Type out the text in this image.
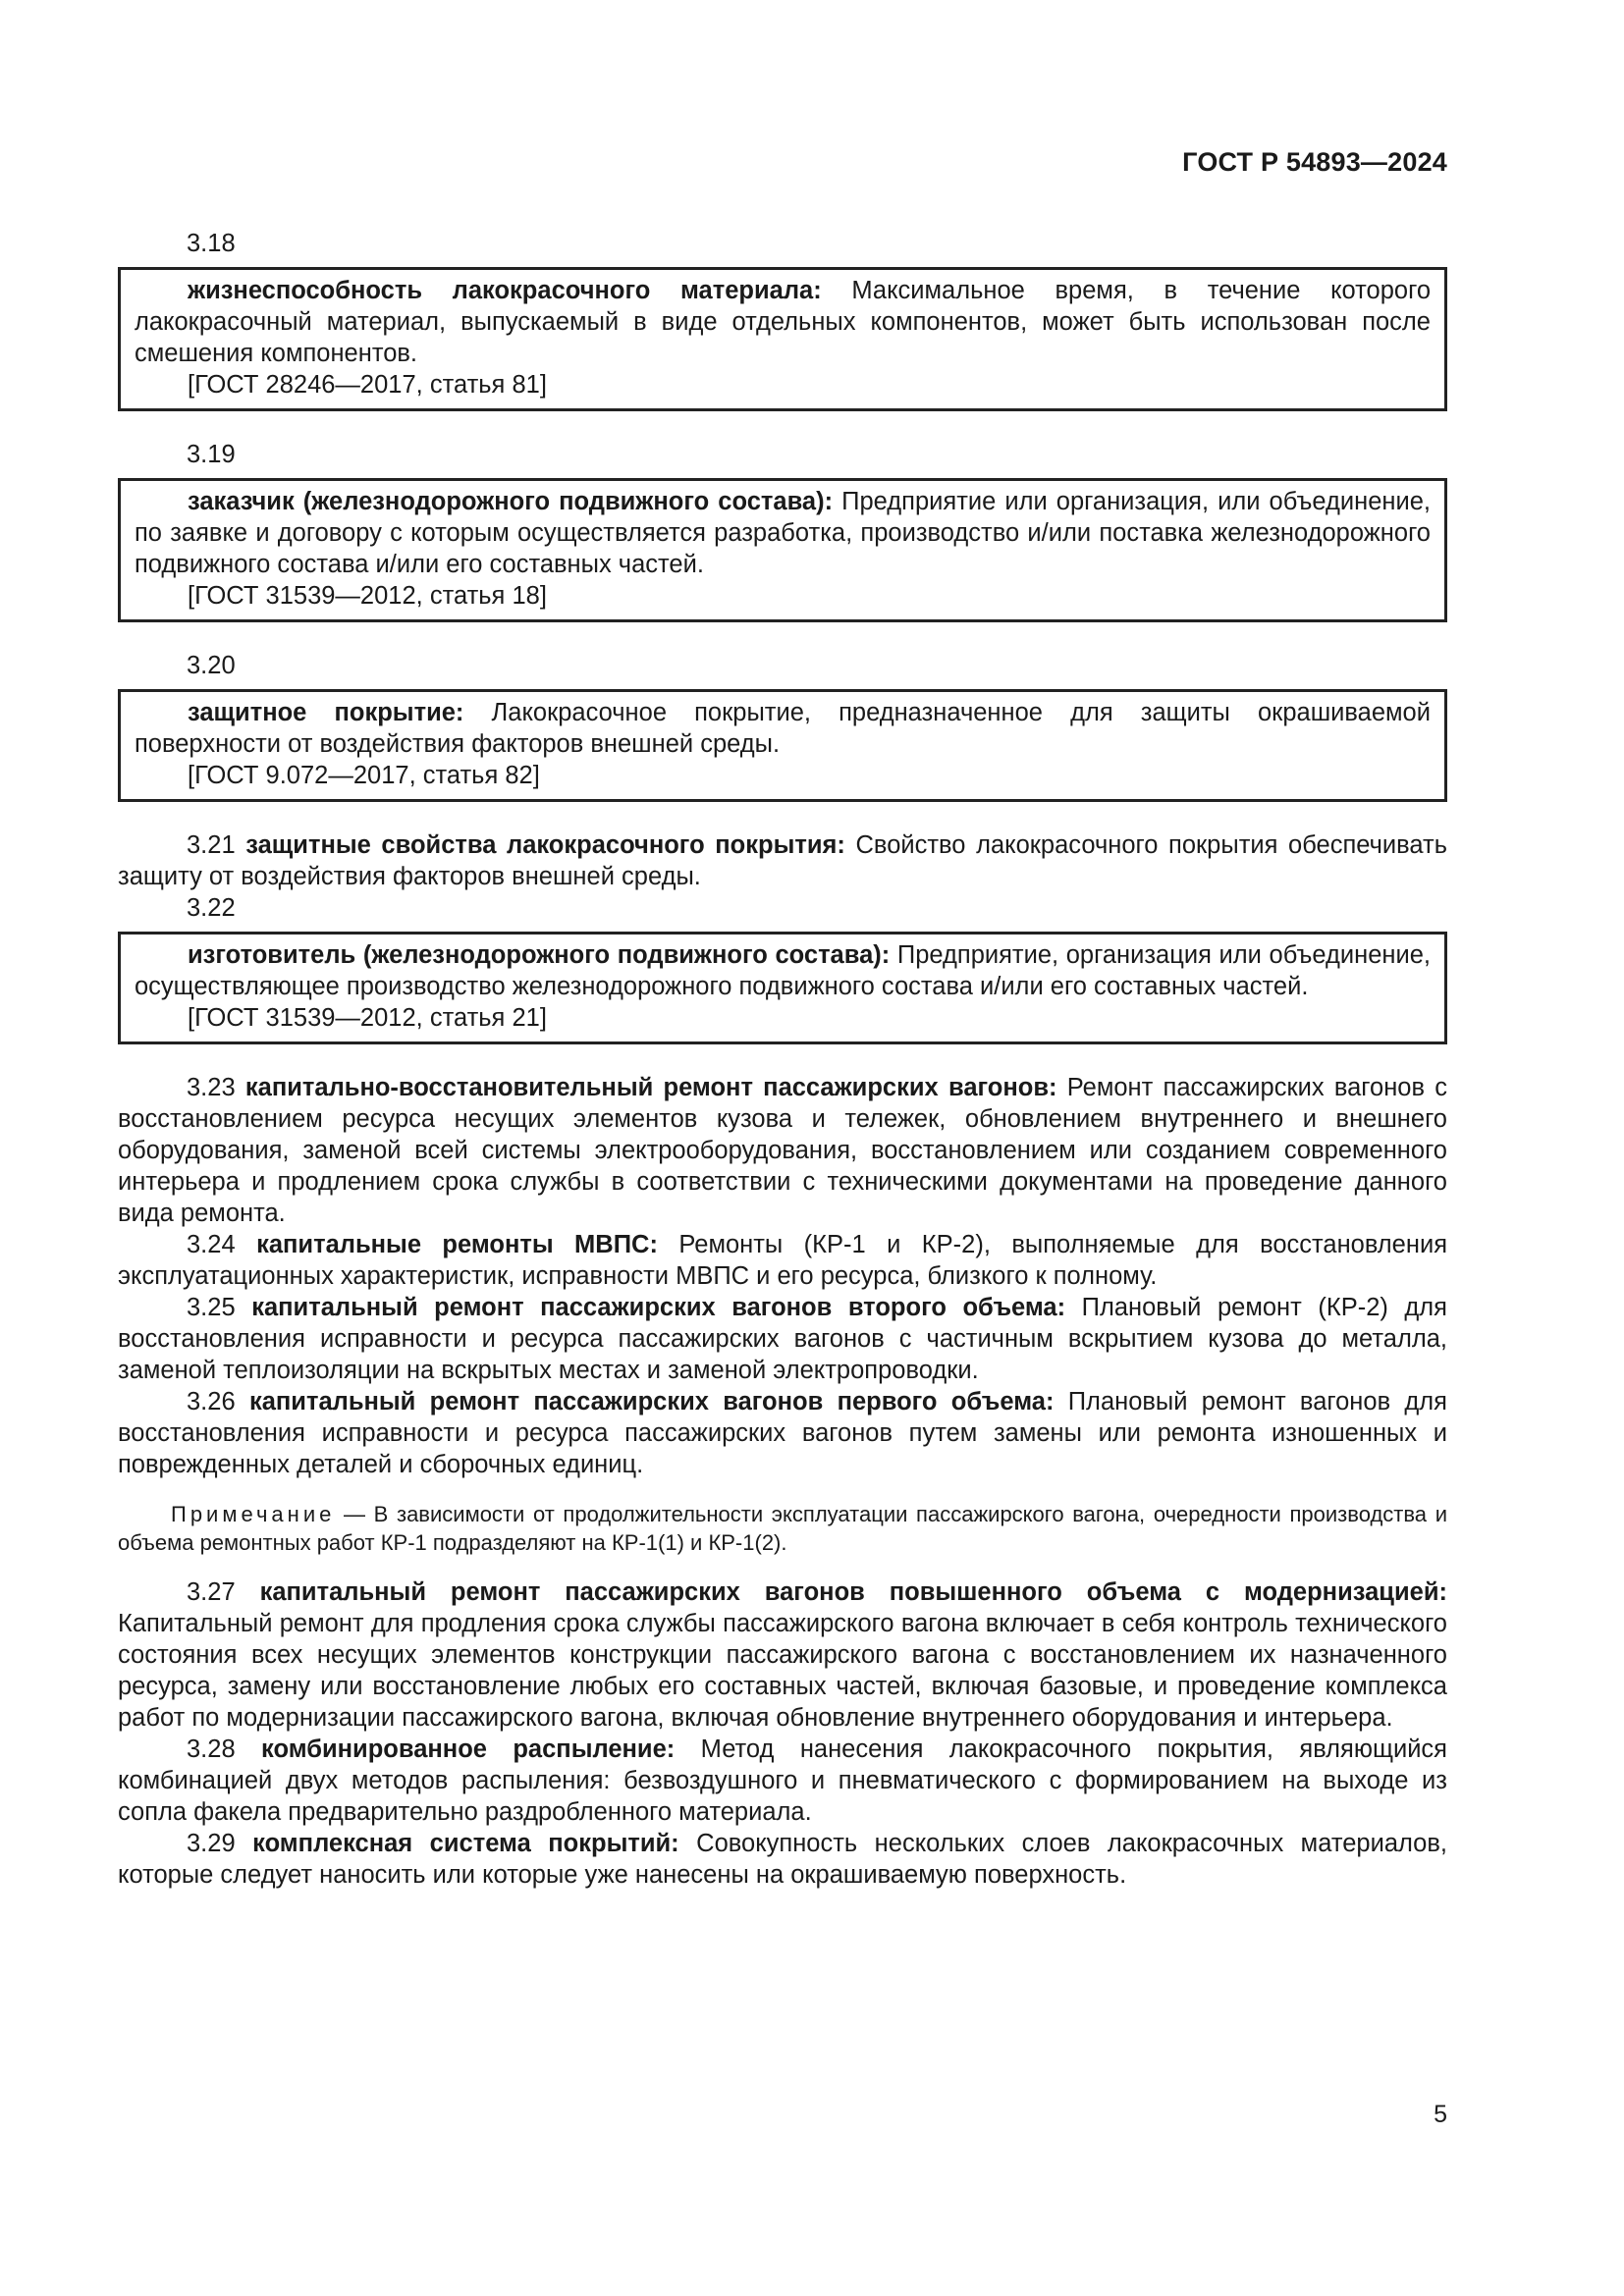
ГОСТ Р 54893—2024
3.18

жизнеспособность лакокрасочного материала: Максимальное время, в течение которого лакокрасочный материал, выпускаемый в виде отдельных компонентов, может быть использован после смешения компонентов.

[ГОСТ 28246—2017, статья 81]

3.19

заказчик (железнодорожного подвижного состава): Предприятие или организация, или объединение, по заявке и договору с которым осуществляется разработка, производство и/или поставка железнодорожного подвижного состава и/или его составных частей.

[ГОСТ 31539—2012, статья 18]

3.20

защитное покрытие: Лакокрасочное покрытие, предназначенное для защиты окрашиваемой поверхности от воздействия факторов внешней среды.

[ГОСТ 9.072—2017, статья 82]

3.21 защитные свойства лакокрасочного покрытия: Свойство лакокрасочного покрытия обеспечивать защиту от воздействия факторов внешней среды.

3.22

изготовитель (железнодорожного подвижного состава): Предприятие, организация или объединение, осуществляющее производство железнодорожного подвижного состава и/или его составных частей.

[ГОСТ 31539—2012, статья 21]

3.23 капитально-восстановительный ремонт пассажирских вагонов: Ремонт пассажирских вагонов с восстановлением ресурса несущих элементов кузова и тележек, обновлением внутреннего и внешнего оборудования, заменой всей системы электрооборудования, восстановлением или созданием современного интерьера и продлением срока службы в соответствии с техническими документами на проведение данного вида ремонта.

3.24 капитальные ремонты МВПС: Ремонты (КР-1 и КР-2), выполняемые для восстановления эксплуатационных характеристик, исправности МВПС и его ресурса, близкого к полному.

3.25 капитальный ремонт пассажирских вагонов второго объема: Плановый ремонт (КР-2) для восстановления исправности и ресурса пассажирских вагонов с частичным вскрытием кузова до металла, заменой теплоизоляции на вскрытых местах и заменой электропроводки.

3.26 капитальный ремонт пассажирских вагонов первого объема: Плановый ремонт вагонов для восстановления исправности и ресурса пассажирских вагонов путем замены или ремонта изношенных и поврежденных деталей и сборочных единиц.

Примечание — В зависимости от продолжительности эксплуатации пассажирского вагона, очередности производства и объема ремонтных работ КР-1 подразделяют на КР-1(1) и КР-1(2).

3.27 капитальный ремонт пассажирских вагонов повышенного объема с модернизацией: Капитальный ремонт для продления срока службы пассажирского вагона включает в себя контроль технического состояния всех несущих элементов конструкции пассажирского вагона с восстановлением их назначенного ресурса, замену или восстановление любых его составных частей, включая базовые, и проведение комплекса работ по модернизации пассажирского вагона, включая обновление внутреннего оборудования и интерьера.

3.28 комбинированное распыление: Метод нанесения лакокрасочного покрытия, являющийся комбинацией двух методов распыления: безвоздушного и пневматического с формированием на выходе из сопла факела предварительно раздробленного материала.

3.29 комплексная система покрытий: Совокупность нескольких слоев лакокрасочных материалов, которые следует наносить или которые уже нанесены на окрашиваемую поверхность.

5
